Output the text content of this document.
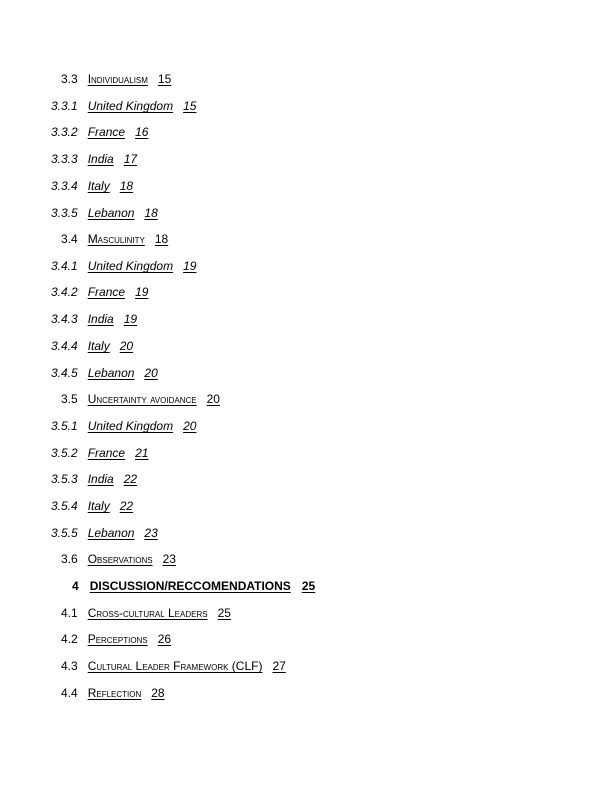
3.3 Individualism 15
3.3.1 United Kingdom 15
3.3.2 France 16
3.3.3 India 17
3.3.4 Italy 18
3.3.5 Lebanon 18
3.4 Masculinity 18
3.4.1 United Kingdom 19
3.4.2 France 19
3.4.3 India 19
3.4.4 Italy 20
3.4.5 Lebanon 20
3.5 Uncertainty avoidance 20
3.5.1 United Kingdom 20
3.5.2 France 21
3.5.3 India 22
3.5.4 Italy 22
3.5.5 Lebanon 23
3.6 Observations 23
4 DISCUSSION/RECCOMENDATIONS 25
4.1 Cross-cultural Leaders 25
4.2 Perceptions 26
4.3 Cultural Leader Framework (CLF) 27
4.4 Reflection 28
